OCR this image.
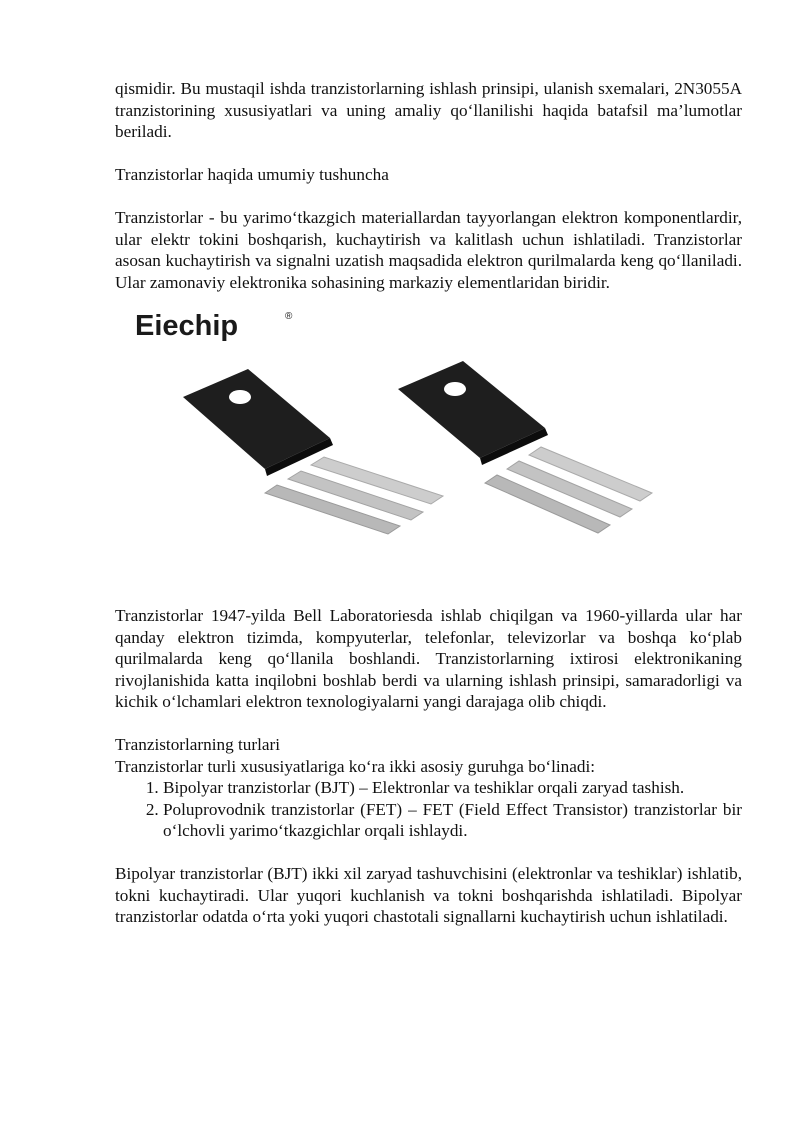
qismidir. Bu mustaqil ishda tranzistorlarning ishlash prinsipi, ulanish sxemalari, 2N3055A tranzistorining xususiyatlari va uning amaliy qo‘llanilishi haqida batafsil ma’lumotlar beriladi.

Tranzistorlar haqida umumiy tushuncha

Tranzistorlar - bu yarimo‘tkazgich materiallardan tayyorlangan elektron komponentlardir, ular elektr tokini boshqarish, kuchaytirish va kalitlash uchun ishlatiladi. Tranzistorlar asosan kuchaytirish va signalni uzatish maqsadida elektron qurilmalarda keng qo‘llaniladi. Ular zamonaviy elektronika sohasining markaziy elementlaridan biridir.

Eiechip	®

Tranzistorlar 1947-yilda Bell Laboratoriesda ishlab chiqilgan va 1960-yillarda ular har qanday elektron tizimda, kompyuterlar, telefonlar, televizorlar va boshqa ko‘plab qurilmalarda keng qo‘llanila boshlandi. Tranzistorlarning ixtirosi elektronikaning rivojlanishida katta inqilobni boshlab berdi va ularning ishlash prinsipi, samaradorligi va kichik o‘lchamlari elektron texnologiyalarni yangi darajaga olib chiqdi.

Tranzistorlarning turlari

Tranzistorlar turli xususiyatlariga ko‘ra ikki asosiy guruhga bo‘linadi:

1. Bipolyar tranzistorlar (BJT) – Elektronlar va teshiklar orqali zaryad tashish.
2. Poluprovodnik tranzistorlar (FET) – FET (Field Effect Transistor) tranzistorlar bir o‘lchovli yarimo‘tkazgichlar orqali ishlaydi.

Bipolyar tranzistorlar (BJT) ikki xil zaryad tashuvchisini (elektronlar va teshiklar) ishlatib, tokni kuchaytiradi. Ular yuqori kuchlanish va tokni boshqarishda ishlatiladi. Bipolyar tranzistorlar odatda o‘rta yoki yuqori chastotali signallarni kuchaytirish uchun ishlatiladi.
